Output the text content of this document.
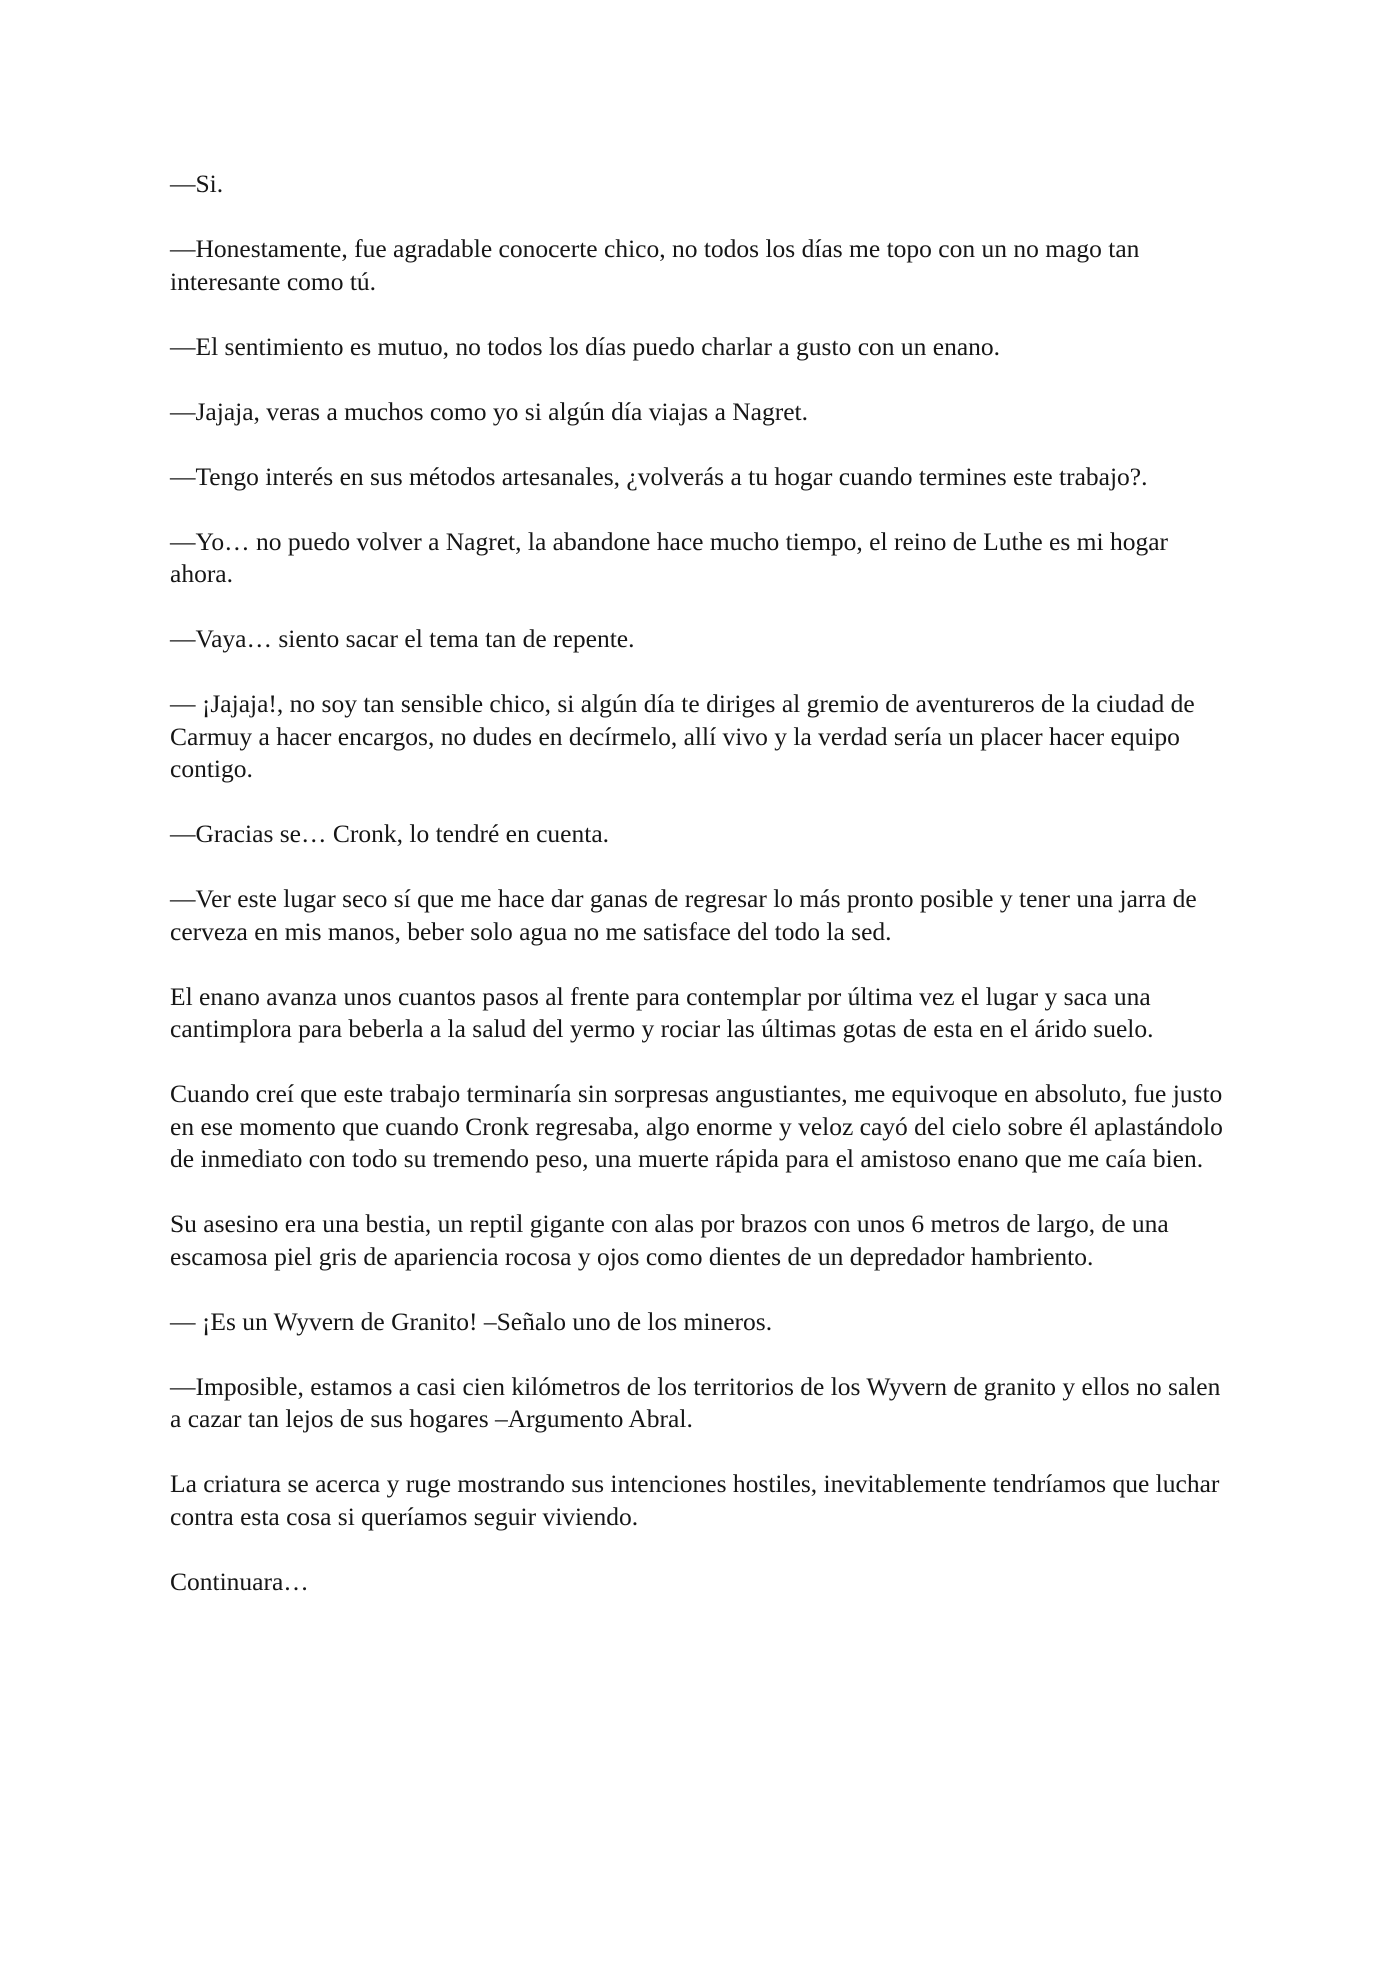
—Si.

—Honestamente, fue agradable conocerte chico, no todos los días me topo con un no mago tan interesante como tú.

—El sentimiento es mutuo, no todos los días puedo charlar a gusto con un enano.

—Jajaja, veras a muchos como yo si algún día viajas a Nagret.

—Tengo interés en sus métodos artesanales, ¿volverás a tu hogar cuando termines este trabajo?.

—Yo… no puedo volver a Nagret, la abandone hace mucho tiempo, el reino de Luthe es mi hogar ahora.

—Vaya… siento sacar el tema tan de repente.

— ¡Jajaja!, no soy tan sensible chico, si algún día te diriges al gremio de aventureros de la ciudad de Carmuy a hacer encargos, no dudes en decírmelo, allí vivo y la verdad sería un placer hacer equipo contigo.

—Gracias se… Cronk, lo tendré en cuenta.

—Ver este lugar seco sí que me hace dar ganas de regresar lo más pronto posible y tener una jarra de cerveza en mis manos, beber solo agua no me satisface del todo la sed.

El enano avanza unos cuantos pasos al frente para contemplar por última vez el lugar y saca una cantimplora para beberla a la salud del yermo y rociar las últimas gotas de esta en el árido suelo.

Cuando creí que este trabajo terminaría sin sorpresas angustiantes, me equivoque en absoluto, fue justo en ese momento que cuando Cronk regresaba, algo enorme y veloz cayó del cielo sobre él aplastándolo de inmediato con todo su tremendo peso, una muerte rápida para el amistoso enano que me caía bien.

Su asesino era una bestia, un reptil gigante con alas por brazos con unos 6 metros de largo, de una escamosa piel gris de apariencia rocosa y ojos como dientes de un depredador hambriento.

— ¡Es un Wyvern de Granito! –Señalo uno de los mineros.

—Imposible, estamos a casi cien kilómetros de los territorios de los Wyvern de granito y ellos no salen a cazar tan lejos de sus hogares –Argumento Abral.

La criatura se acerca y ruge mostrando sus intenciones hostiles, inevitablemente tendríamos que luchar contra esta cosa si queríamos seguir viviendo.

Continuara…
